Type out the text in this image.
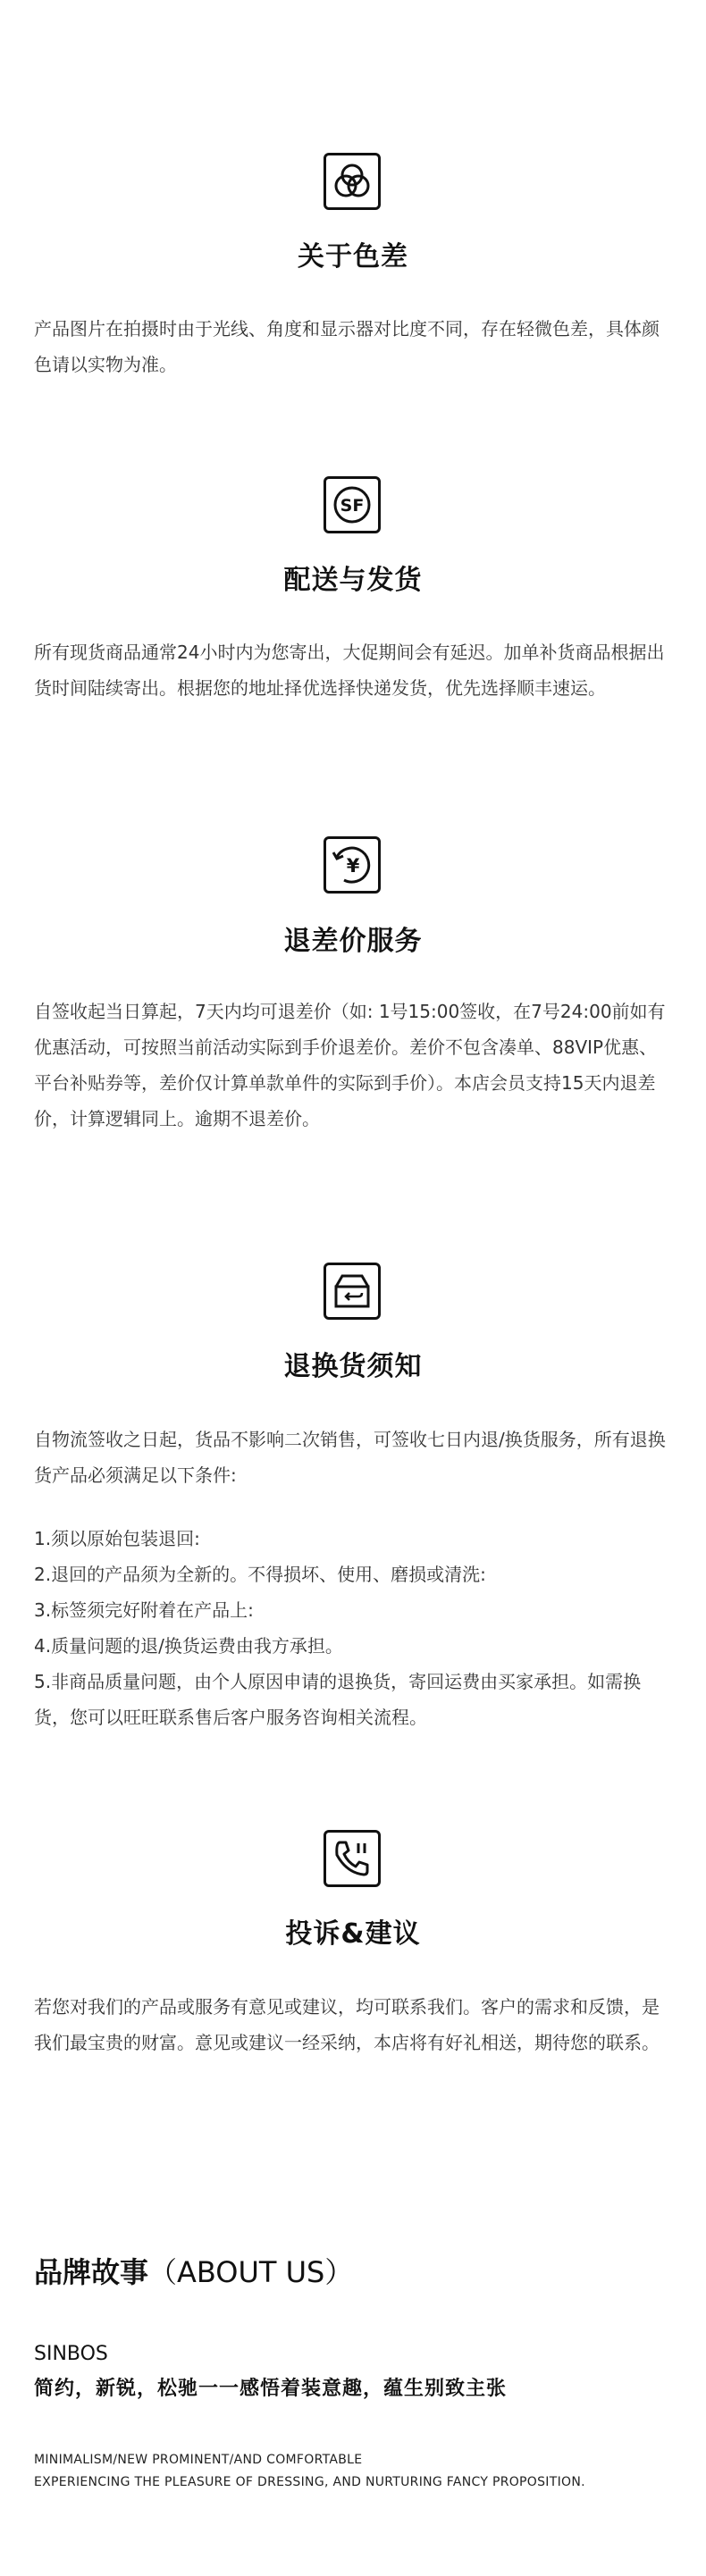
关于色差

产品图片在拍摄时由于光线、角度和显示器对比度不同，存在轻微色差，具体颜色请以实物为准。

SF
配送与发货

所有现货商品通常24小时内为您寄出，大促期间会有延迟。加单补货商品根据出货时间陆续寄出。根据您的地址择优选择快递发货，优先选择顺丰速运。

¥
退差价服务

自签收起当日算起，7天内均可退差价（如: 1号15:00签收，在7号24:00前如有优惠活动，可按照当前活动实际到手价退差价。差价不包含凑单、88VIP优惠、平台补贴券等，差价仅计算单款单件的实际到手价）。本店会员支持15天内退差价，计算逻辑同上。逾期不退差价。

退换货须知

自物流签收之日起，货品不影响二次销售，可签收七日内退/换货服务，所有退换货产品必须满足以下条件:

1.须以原始包装退回:
2.退回的产品须为全新的。不得损坏、使用、磨损或清洗:
3.标签须完好附着在产品上:
4.质量问题的退/换货运费由我方承担。
5.非商品质量问题，由个人原因申请的退换货，寄回运费由买家承担。如需换货，您可以旺旺联系售后客户服务咨询相关流程。
投诉&建议

若您对我们的产品或服务有意见或建议，均可联系我们。客户的需求和反馈，是我们最宝贵的财富。意见或建议一经采纳，本店将有好礼相送，期待您的联系。

品牌故事（ABOUT US）
SINBOS
简约，新锐，松驰一一感悟着装意趣，蕴生别致主张
MINIMALISM/NEW PROMINENT/AND COMFORTABLE
EXPERIENCING THE PLEASURE OF DRESSING, AND NURTURING FANCY PROPOSITION.
